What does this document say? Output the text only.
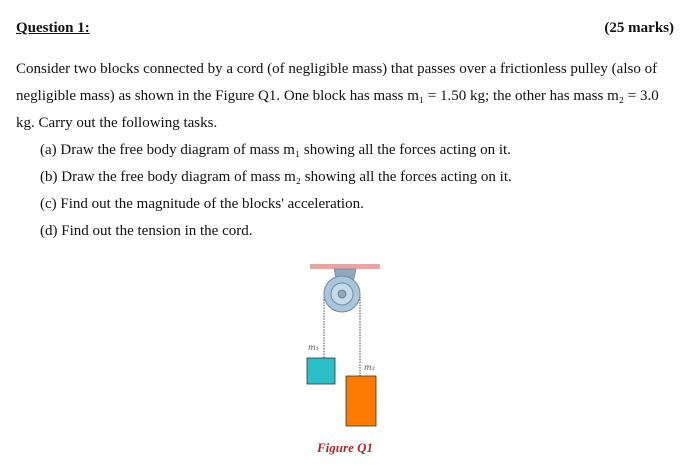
Question 1:	(25 marks)

Consider two blocks connected by a cord (of negligible mass) that passes over a frictionless pulley (also of negligible mass) as shown in the Figure Q1. One block has mass m₁ = 1.50 kg; the other has mass m₂ = 3.0 kg. Carry out the following tasks.

(a) Draw the free body diagram of mass m₁ showing all the forces acting on it.
(b) Draw the free body diagram of mass m₂ showing all the forces acting on it.
(c) Find out the magnitude of the blocks' acceleration.
(d) Find out the tension in the cord.
m₁
m₂
Figure Q1
